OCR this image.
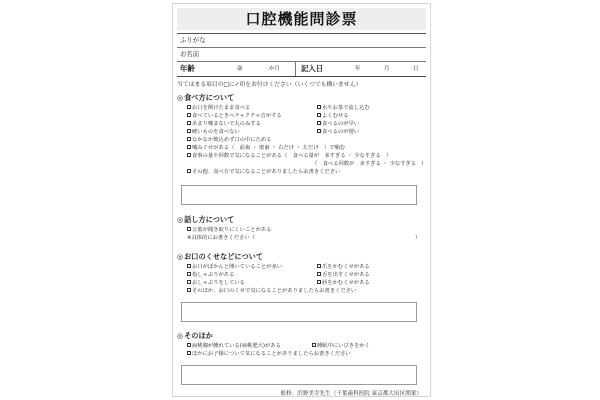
口腔機能問診票
ふりがな
お名前
年齢	歳	か月	記入日	年	月	日
当てはまる項目の□に✓印をお付けください（いくつでも構いません）
◎食べ方について
お口を開けたまま食べる	水やお茶で流し込む
食べているときペチャクチャ音がする	よくむせる
あまり噛まないで丸のみする	食べるのが早い
硬いものを食べない	食べるのが遅い
なかなか飲込めず口の中にためる
噛みぐせがある（　前歯 ・ 奥歯 ・ 右だけ ・ 左だけ　）で噛む
食事の量や回数で気になることがある（　食べる量が　多すぎる ・ 少なすぎる　）
（　食べる回数が　多すぎる ・ 少なすぎる　）
その他、食べ方で気になることがありましたらお書きください
◎話し方について
言葉が聞き取りにくいことがある
※具体的にお書きください（	）
◎お口のくせなどについて
お口がぽかんと開いていることが多い	爪をかむくせがある
指しゃぶりがある	舌を出すくせがある
おしゃぶりをしている	唇をかむくせがある
そのほか、お口のくせで気になることがありましたらお書きください
◎そのほか
扁桃腺が腫れている(扁桃肥大)がある	睡眠中にいびきをかく
ほかにお子様について気になることがありましたらお書きください
監修：浜野美幸先生（千葉歯科医院 東京都大田区開業）
